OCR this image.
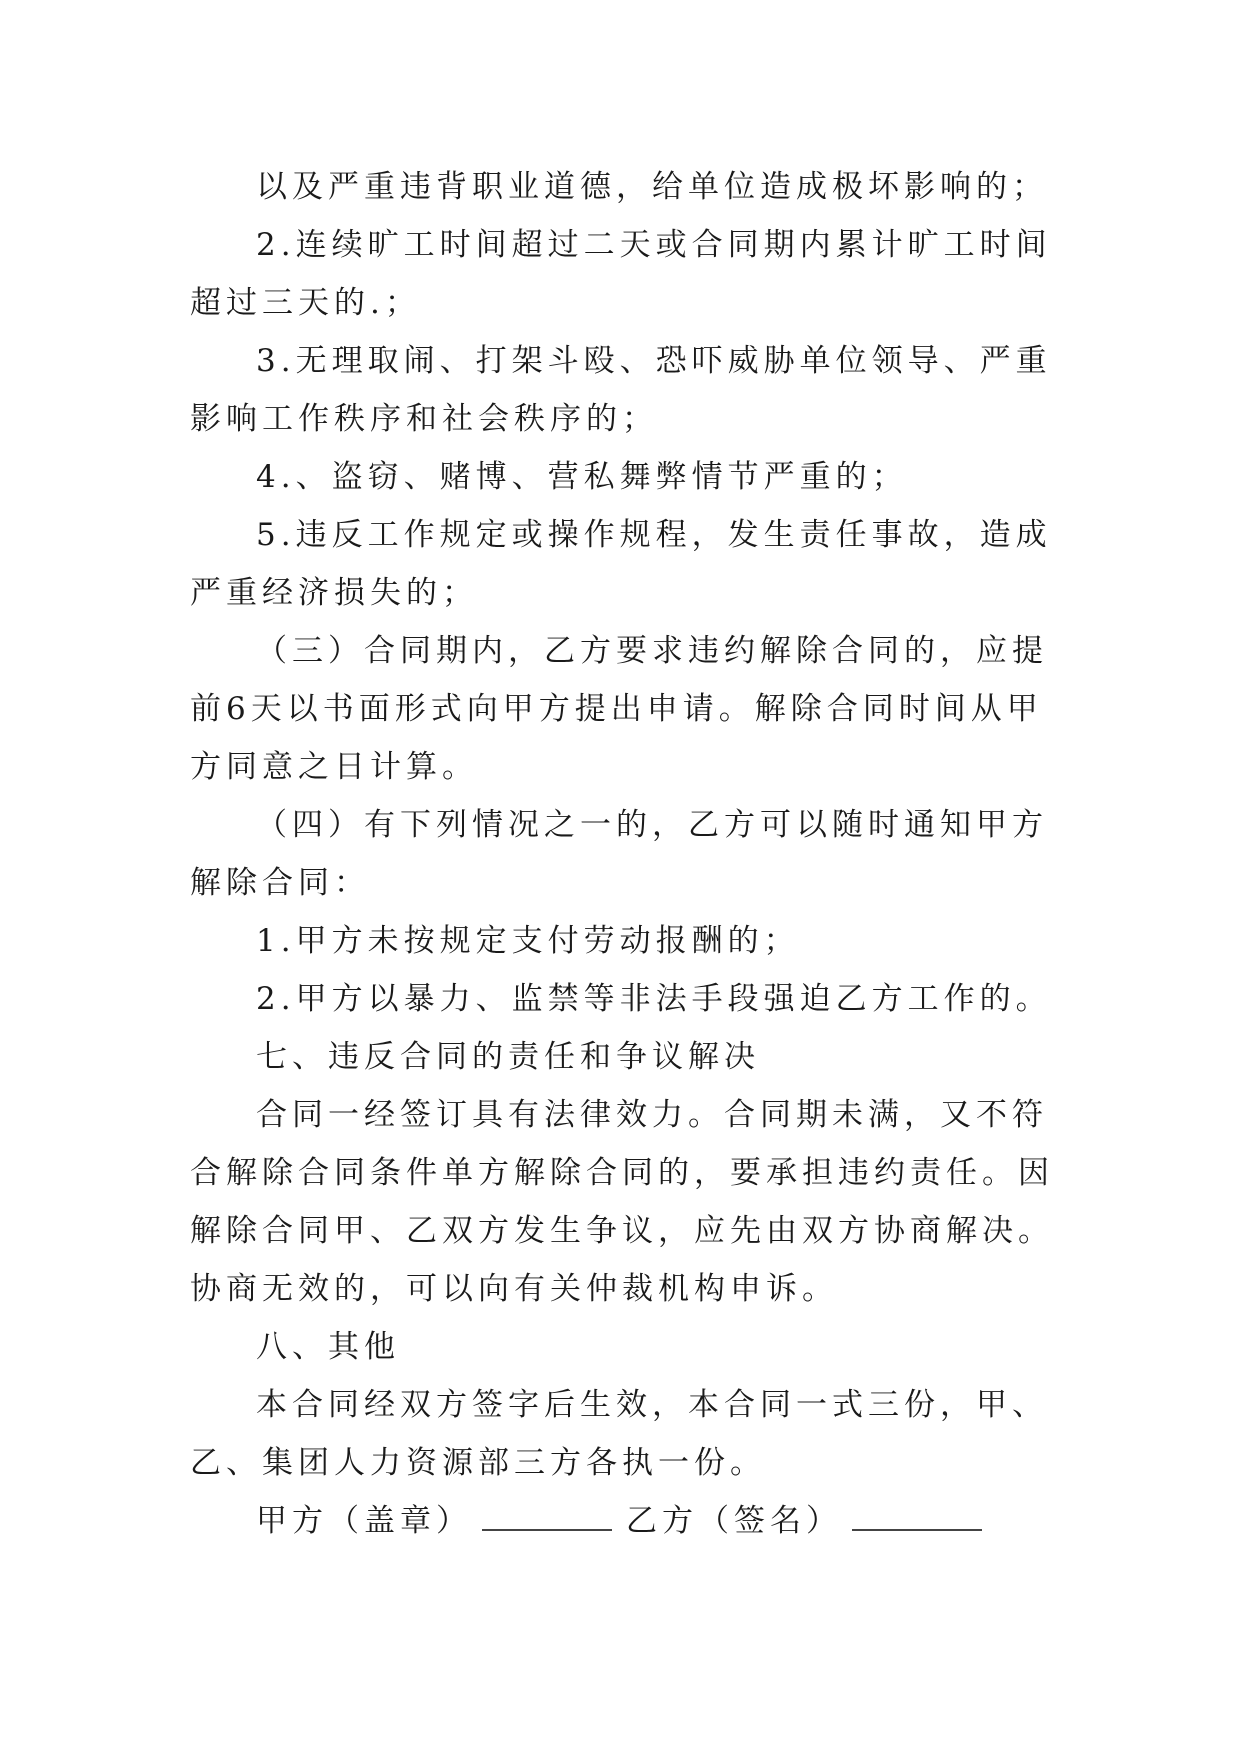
以及严重违背职业道德，给单位造成极坏影响的；

2.连续旷工时间超过二天或合同期内累计旷工时间超过三天的.；

3.无理取闹、打架斗殴、恐吓威胁单位领导、严重影响工作秩序和社会秩序的；

4.、盗窃、赌博、营私舞弊情节严重的；

5.违反工作规定或操作规程，发生责任事故，造成严重经济损失的；

（三）合同期内，乙方要求违约解除合同的，应提前6天以书面形式向甲方提出申请。解除合同时间从甲方同意之日计算。

（四）有下列情况之一的，乙方可以随时通知甲方解除合同：

1.甲方未按规定支付劳动报酬的；

2.甲方以暴力、监禁等非法手段强迫乙方工作的。

七、违反合同的责任和争议解决

合同一经签订具有法律效力。合同期未满，又不符合解除合同条件单方解除合同的，要承担违约责任。因解除合同甲、乙双方发生争议，应先由双方协商解决。协商无效的，可以向有关仲裁机构申诉。

八、其他

本合同经双方签字后生效，本合同一式三份，甲、乙、集团人力资源部三方各执一份。

甲方（盖章）	乙方（签名）
